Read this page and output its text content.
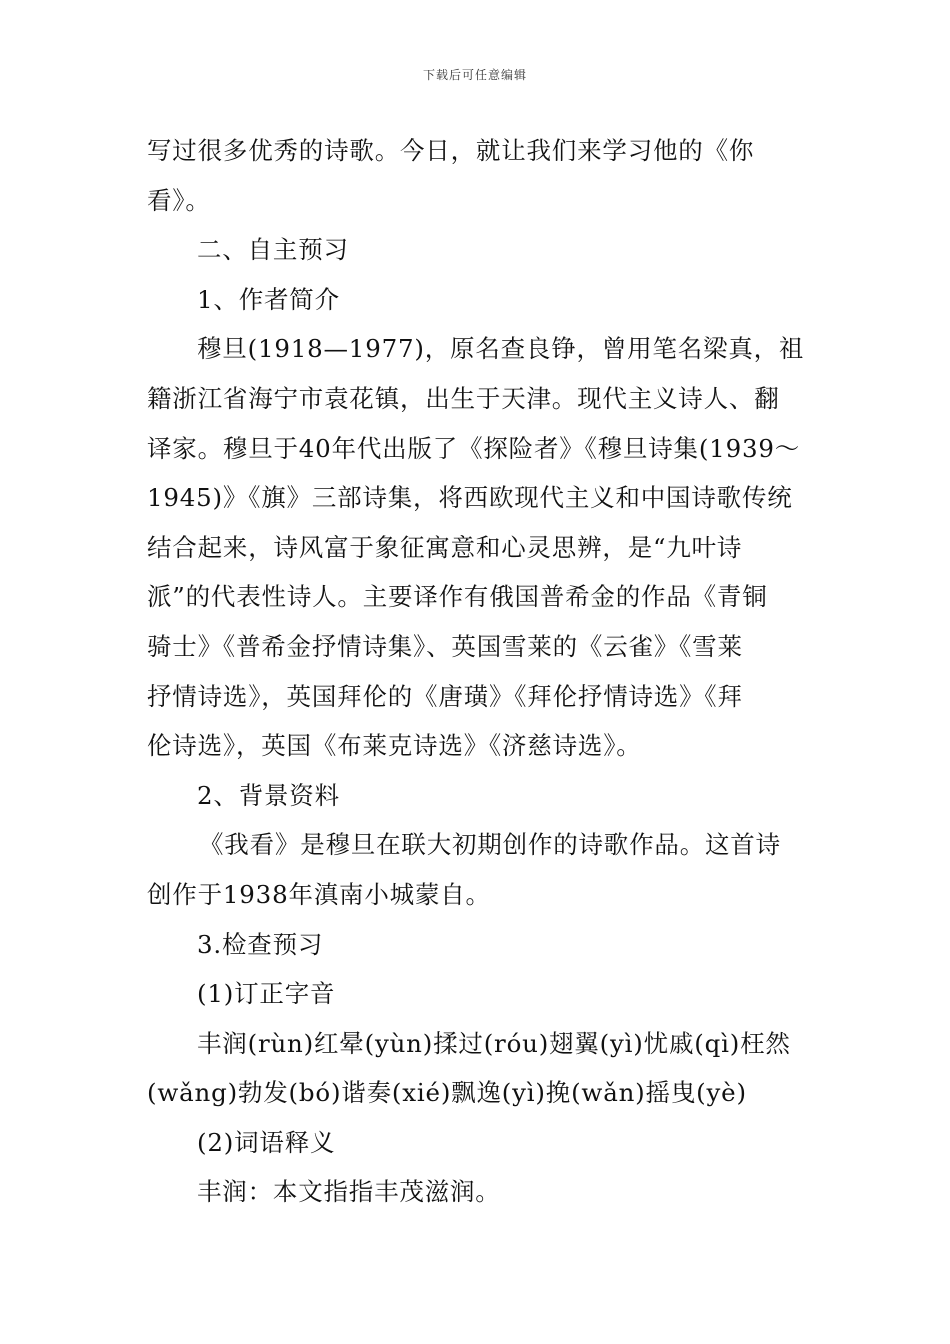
下载后可任意编辑
写过很多优秀的诗歌。今日，就让我们来学习他的《你
看》。
二、自主预习
1、作者简介
穆旦(1918—1977)，原名查良铮，曾用笔名梁真，祖
籍浙江省海宁市袁花镇，出生于天津。现代主义诗人、翻
译家。穆旦于40年代出版了《探险者》《穆旦诗集(1939～
1945)》《旗》三部诗集，将西欧现代主义和中国诗歌传统
结合起来，诗风富于象征寓意和心灵思辨，是“九叶诗
派”的代表性诗人。主要译作有俄国普希金的作品《青铜
骑士》《普希金抒情诗集》、英国雪莱的《云雀》《雪莱
抒情诗选》，英国拜伦的《唐璜》《拜伦抒情诗选》《拜
伦诗选》，英国《布莱克诗选》《济慈诗选》。
2、背景资料
《我看》是穆旦在联大初期创作的诗歌作品。这首诗
创作于1938年滇南小城蒙自。
3.检查预习
(1)订正字音
丰润(rùn)红晕(yùn)揉过(róu)翅翼(yì)忧戚(qì)枉然
(wǎng)勃发(bó)谐奏(xié)飘逸(yì)挽(wǎn)摇曳(yè)
(2)词语释义
丰润：本文指指丰茂滋润。
